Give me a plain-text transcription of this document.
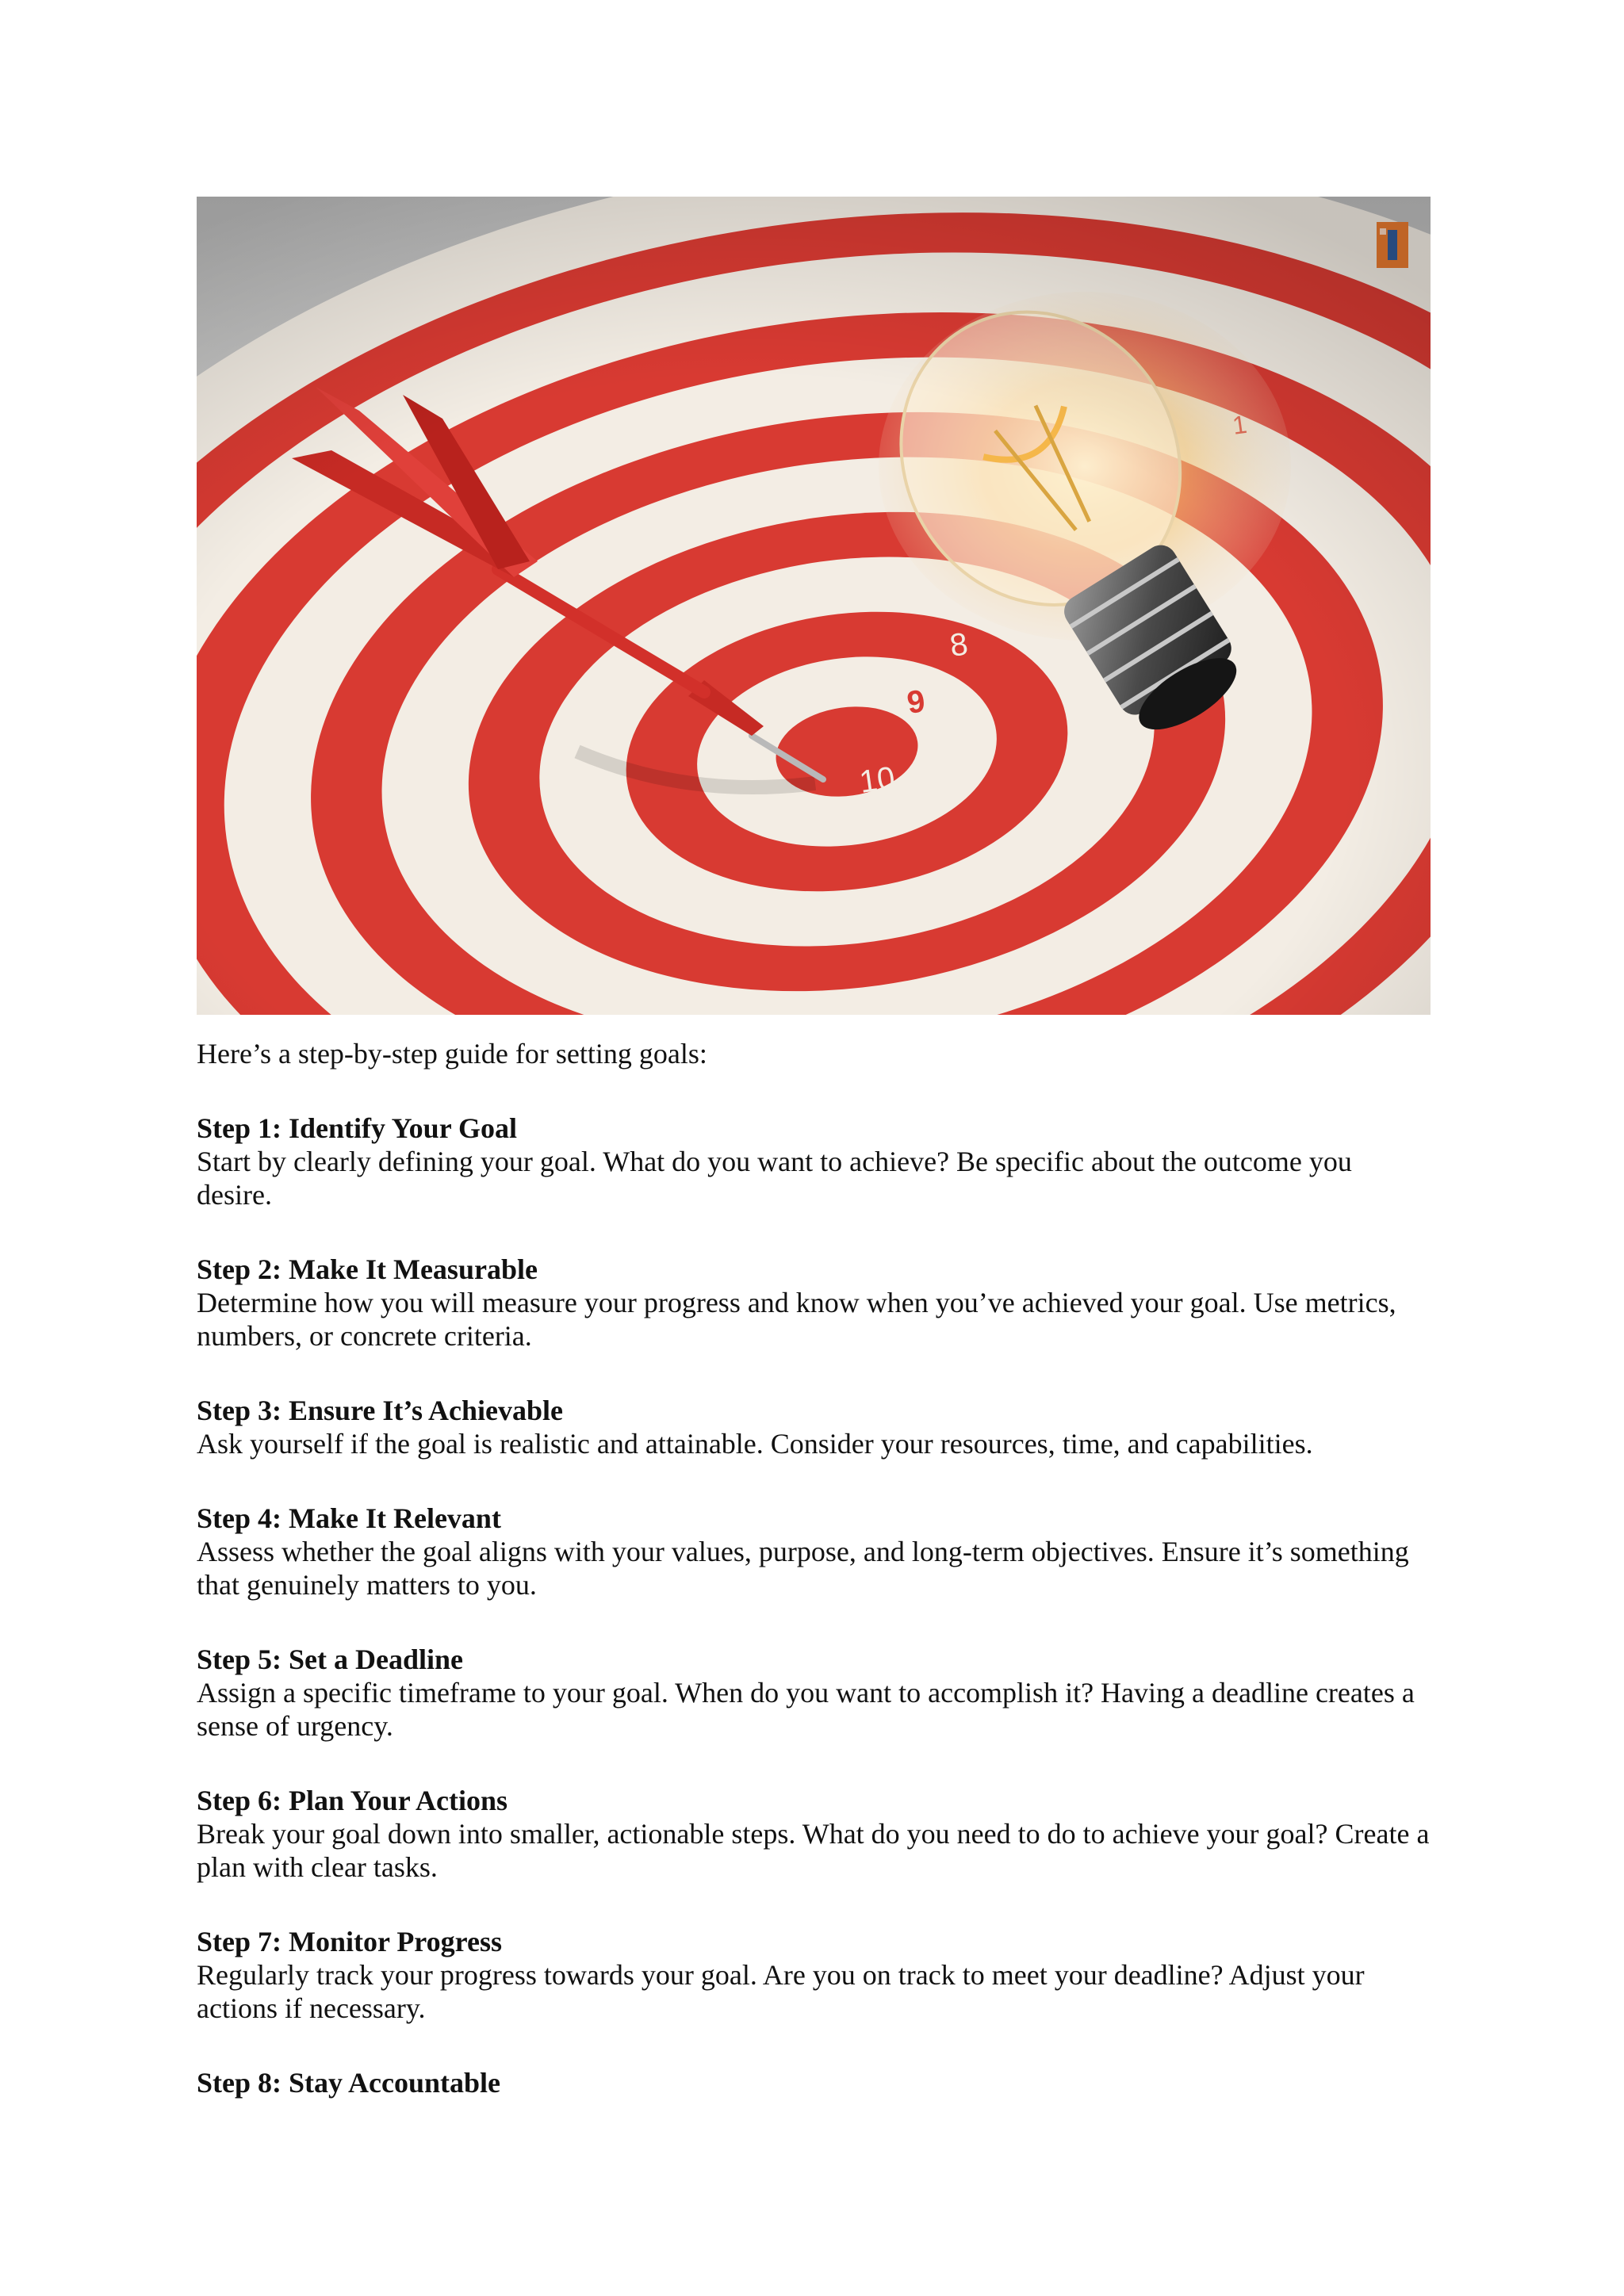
Here’s a step-by-step guide for setting goals:

Step 1: Identify Your Goal

Start by clearly defining your goal. What do you want to achieve? Be specific about the outcome you desire.

Step 2: Make It Measurable

Determine how you will measure your progress and know when you’ve achieved your goal. Use metrics, numbers, or concrete criteria.

Step 3: Ensure It’s Achievable

Ask yourself if the goal is realistic and attainable. Consider your resources, time, and capabilities.

Step 4: Make It Relevant

Assess whether the goal aligns with your values, purpose, and long-term objectives. Ensure it’s something that genuinely matters to you.

Step 5: Set a Deadline

Assign a specific timeframe to your goal. When do you want to accomplish it? Having a deadline creates a sense of urgency.

Step 6: Plan Your Actions

Break your goal down into smaller, actionable steps. What do you need to do to achieve your goal? Create a plan with clear tasks.

Step 7: Monitor Progress

Regularly track your progress towards your goal. Are you on track to meet your deadline? Adjust your actions if necessary.

Step 8: Stay Accountable
